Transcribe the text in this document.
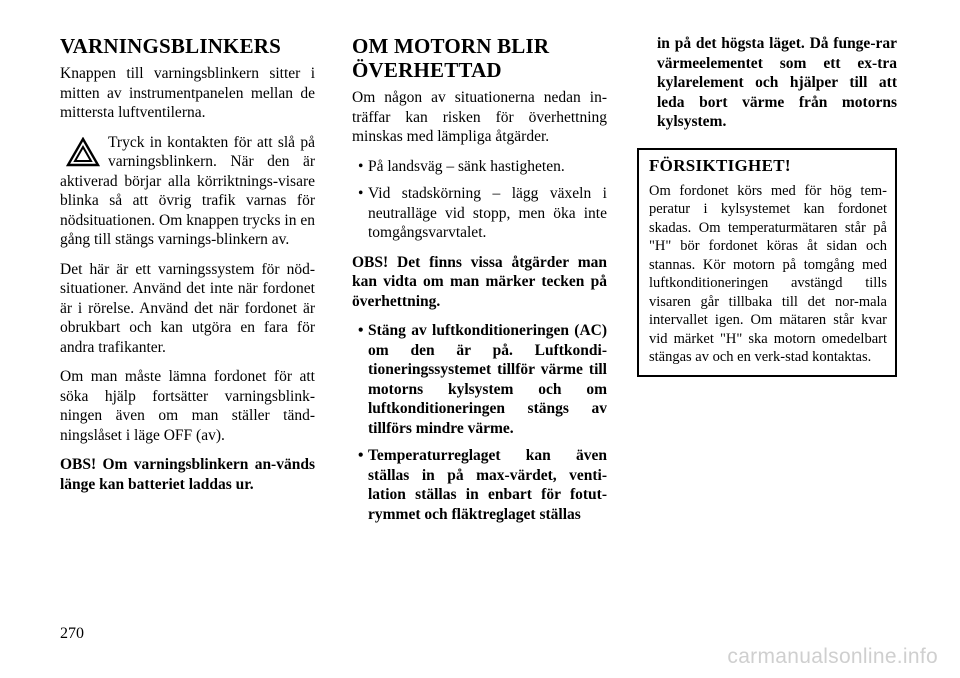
VARNINGSBLINKERS

Knappen till varningsblinkern sitter i mitten av instrumentpanelen mellan de mittersta luftventilerna.

Tryck in kontakten för att slå på varningsblinkern. När den är aktiverad börjar alla körriktnings-visare blinka så att övrig trafik varnas för nödsituationen. Om knappen trycks in en gång till stängs varnings-blinkern av.

Det här är ett varningssystem för nöd-situationer. Använd det inte när fordonet är i rörelse. Använd det när fordonet är obrukbart och kan utgöra en fara för andra trafikanter.

Om man måste lämna fordonet för att söka hjälp fortsätter varningsblink-ningen även om man ställer tänd-ningslåset i läge OFF (av).

OBS! Om varningsblinkern an-vänds länge kan batteriet laddas ur.

OM MOTORN BLIR ÖVERHETTAD

Om någon av situationerna nedan in-träffar kan risken för överhettning minskas med lämpliga åtgärder.

• På landsväg – sänk hastigheten.
• Vid stadskörning – lägg växeln i neutralläge vid stopp, men öka inte tomgångsvarvtalet.

OBS! Det finns vissa åtgärder man kan vidta om man märker tecken på överhettning.

• Stäng av luftkonditioneringen (AC) om den är på. Luftkondi-tioneringssystemet tillför värme till motorns kylsystem och om luftkonditioneringen stängs av tillförs mindre värme.
• Temperaturreglaget kan även ställas in på max-värdet, venti-lation ställas in enbart för fotut-rymmet och fläktreglaget ställas

in på det högsta läget. Då funge-rar värmeelementet som ett ex-tra kylarelement och hjälper till att leda bort värme från motorns kylsystem.

FÖRSIKTIGHET!

Om fordonet körs med för hög tem-peratur i kylsystemet kan fordonet skadas. Om temperaturmätaren står på "H" bör fordonet köras åt sidan och stannas. Kör motorn på tomgång med luftkonditioneringen avstängd tills visaren går tillbaka till det nor-mala intervallet igen. Om mätaren står kvar vid märket "H" ska motorn omedelbart stängas av och en verk-stad kontaktas.

270
carmanualsonline.info
